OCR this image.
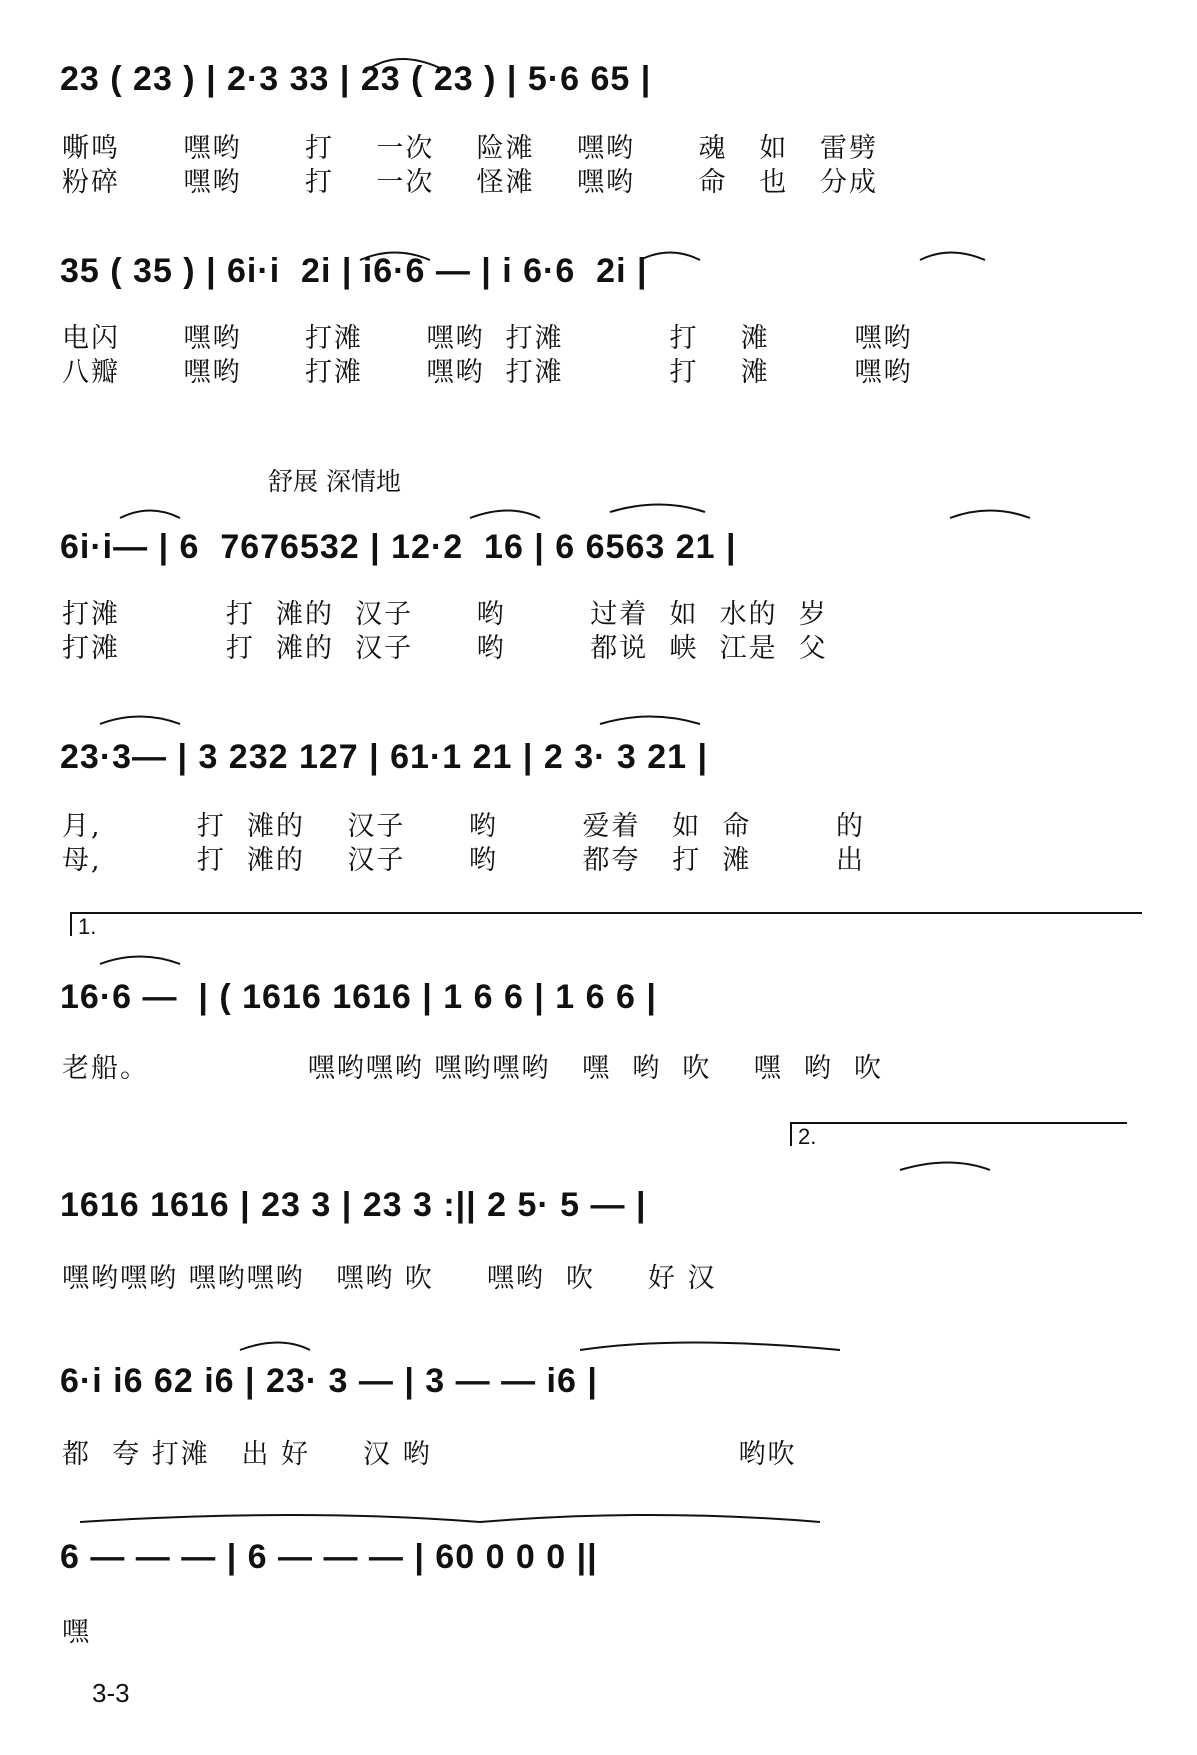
23 ( 23 ) | 2·3 33 | 23 ( 23 ) | 5·6 65 |
嘶鸣      嘿哟      打    一次    险滩    嘿哟      魂   如   雷劈
粉碎      嘿哟      打    一次    怪滩    嘿哟      命   也   分成
35 ( 35 ) | 6i·i  2i | i6·6 — | i 6·6  2i |
电闪      嘿哟      打滩      嘿哟  打滩          打    滩        嘿哟
八瓣      嘿哟      打滩      嘿哟  打滩          打    滩        嘿哟
舒展 深情地
6i·i— | 6  7676532 | 12·2  16 | 6 6563 21 |
打滩          打  滩的  汉子      哟        过着  如  水的  岁
打滩          打  滩的  汉子      哟        都说  峡  江是  父
23·3— | 3 232 127 | 61·1 21 | 2 3· 3 21 |
月,         打  滩的    汉子      哟        爱着   如  命        的
母,         打  滩的    汉子      哟        都夸   打  滩        出
1.
16·6 —  | ( 1616 1616 | 1 6 6 | 1 6 6 |
老船。               嘿哟嘿哟 嘿哟嘿哟   嘿  哟  吹    嘿  哟  吹
2.
1616 1616 | 23 3 | 23 3 :|| 2 5· 5 — |
嘿哟嘿哟 嘿哟嘿哟   嘿哟 吹     嘿哟  吹     好 汉
6·i i6 62 i6 | 23· 3 — | 3 — — i6 |
都  夸 打滩   出 好     汉 哟                             哟吹
6 — — — | 6 — — — | 60 0 0 0 ||
嘿
3-3
